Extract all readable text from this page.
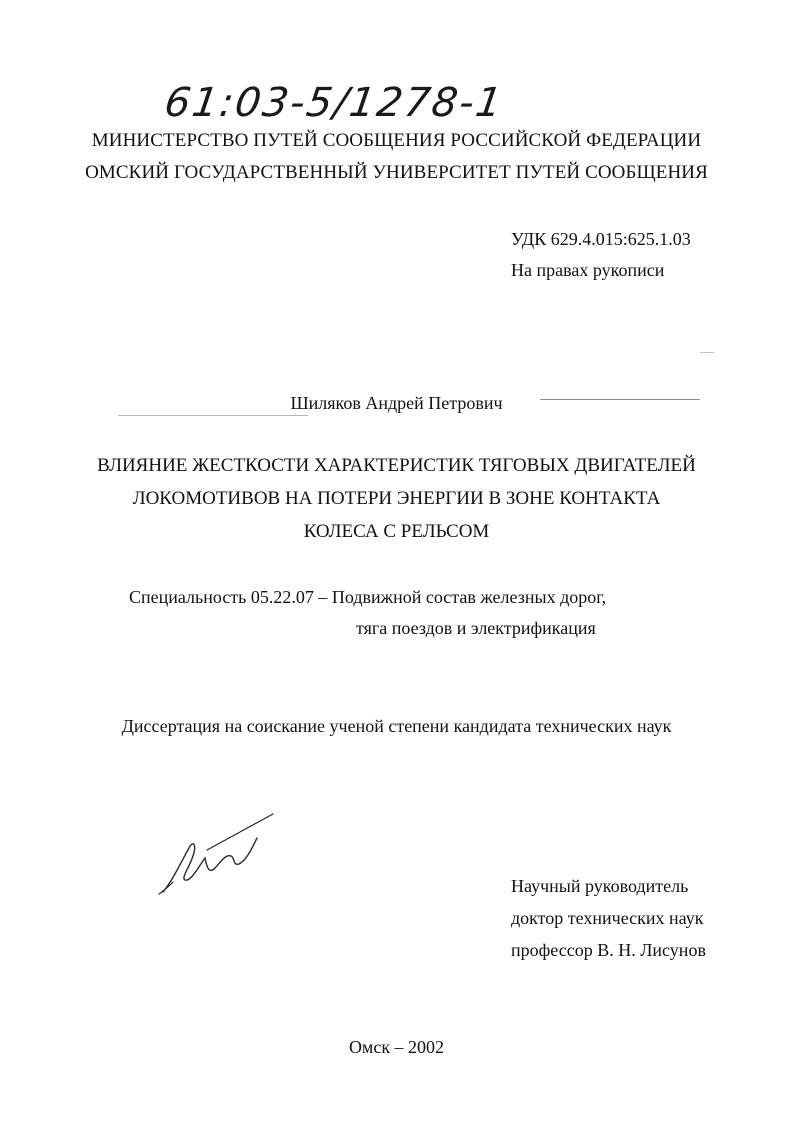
61:03-5/1278-1
МИНИСТЕРСТВО ПУТЕЙ СООБЩЕНИЯ РОССИЙСКОЙ ФЕДЕРАЦИИ
ОМСКИЙ ГОСУДАРСТВЕННЫЙ УНИВЕРСИТЕТ ПУТЕЙ СООБЩЕНИЯ
УДК 629.4.015:625.1.03
На правах рукописи
Шиляков Андрей Петрович
ВЛИЯНИЕ ЖЕСТКОСТИ ХАРАКТЕРИСТИК ТЯГОВЫХ ДВИГАТЕЛЕЙ
ЛОКОМОТИВОВ НА ПОТЕРИ ЭНЕРГИИ В ЗОНЕ КОНТАКТА
КОЛЕСА С РЕЛЬСОМ
Специальность 05.22.07 – Подвижной состав железных дорог,
тяга поездов и электрификация
Диссертация на соискание ученой степени кандидата технических наук
Научный руководитель
доктор технических наук
профессор В. Н. Лисунов
Омск – 2002
